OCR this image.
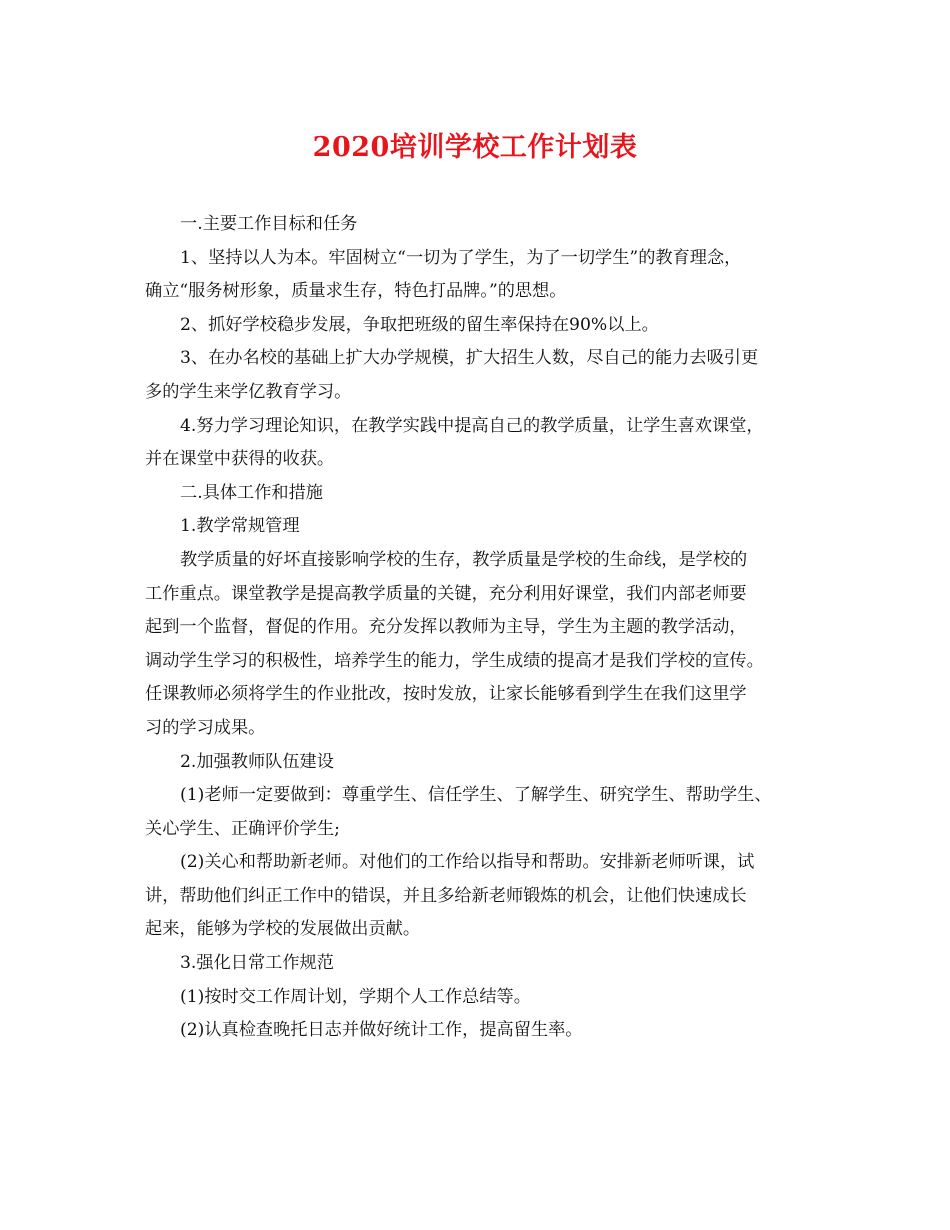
2020培训学校工作计划表
一.主要工作目标和任务
1、坚持以人为本。牢固树立“一切为了学生，为了一切学生”的教育理念，
确立“服务树形象，质量求生存，特色打品牌。”的思想。
2、抓好学校稳步发展，争取把班级的留生率保持在90%以上。
3、在办名校的基础上扩大办学规模，扩大招生人数，尽自己的能力去吸引更
多的学生来学亿教育学习。
4.努力学习理论知识，在教学实践中提高自己的教学质量，让学生喜欢课堂，
并在课堂中获得的收获。
二.具体工作和措施
1.教学常规管理
教学质量的好坏直接影响学校的生存，教学质量是学校的生命线，是学校的
工作重点。课堂教学是提高教学质量的关键，充分利用好课堂，我们内部老师要
起到一个监督，督促的作用。充分发挥以教师为主导，学生为主题的教学活动，
调动学生学习的积极性，培养学生的能力，学生成绩的提高才是我们学校的宣传。
任课教师必须将学生的作业批改，按时发放，让家长能够看到学生在我们这里学
习的学习成果。
2.加强教师队伍建设
(1)老师一定要做到：尊重学生、信任学生、了解学生、研究学生、帮助学生、
关心学生、正确评价学生;
(2)关心和帮助新老师。对他们的工作给以指导和帮助。安排新老师听课，试
讲，帮助他们纠正工作中的错误，并且多给新老师锻炼的机会，让他们快速成长
起来，能够为学校的发展做出贡献。
3.强化日常工作规范
(1)按时交工作周计划，学期个人工作总结等。
(2)认真检查晚托日志并做好统计工作，提高留生率。
